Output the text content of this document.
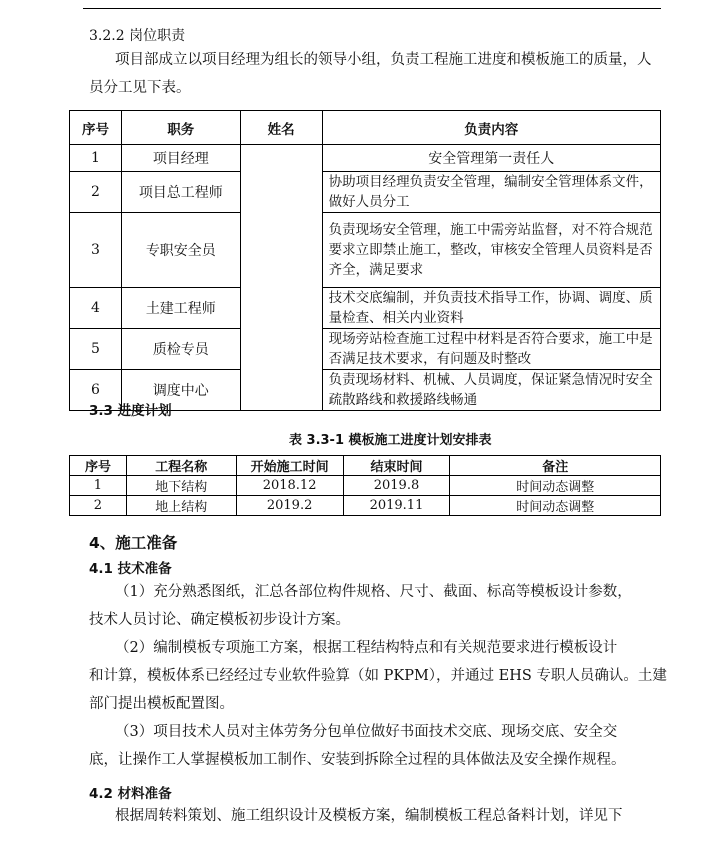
3.2.2 岗位职责
项目部成立以项目经理为组长的领导小组，负责工程施工进度和模板施工的质量，人
员分工见下表。
序号	职务	姓名	负责内容
1	项目经理		安全管理第一责任人
2	项目总工程师		协助项目经理负责安全管理，编制安全管理体系文件，做好人员分工
3	专职安全员		负责现场安全管理，施工中需旁站监督，对不符合规范要求立即禁止施工，整改，审核安全管理人员资料是否齐全，满足要求
4	土建工程师		技术交底编制，并负责技术指导工作，协调、调度、质量检查、相关内业资料
5	质检专员		现场旁站检查施工过程中材料是否符合要求，施工中是否满足技术要求，有问题及时整改
6	调度中心		负责现场材料、机械、人员调度，保证紧急情况时安全疏散路线和救援路线畅通
3.3 进度计划
表 3.3-1 模板施工进度计划安排表
序号	工程名称	开始施工时间	结束时间	备注
1	地下结构	2018.12	2019.8	时间动态调整
2	地上结构	2019.2	2019.11	时间动态调整
4、施工准备
4.1 技术准备
（1）充分熟悉图纸，汇总各部位构件规格、尺寸、截面、标高等模板设计参数，
技术人员讨论、确定模板初步设计方案。
（2）编制模板专项施工方案，根据工程结构特点和有关规范要求进行模板设计
和计算，模板体系已经经过专业软件验算（如 PKPM），并通过 EHS 专职人员确认。土建
部门提出模板配置图。
（3）项目技术人员对主体劳务分包单位做好书面技术交底、现场交底、安全交
底，让操作工人掌握模板加工制作、安装到拆除全过程的具体做法及安全操作规程。
4.2 材料准备
根据周转料策划、施工组织设计及模板方案，编制模板工程总备料计划，详见下
